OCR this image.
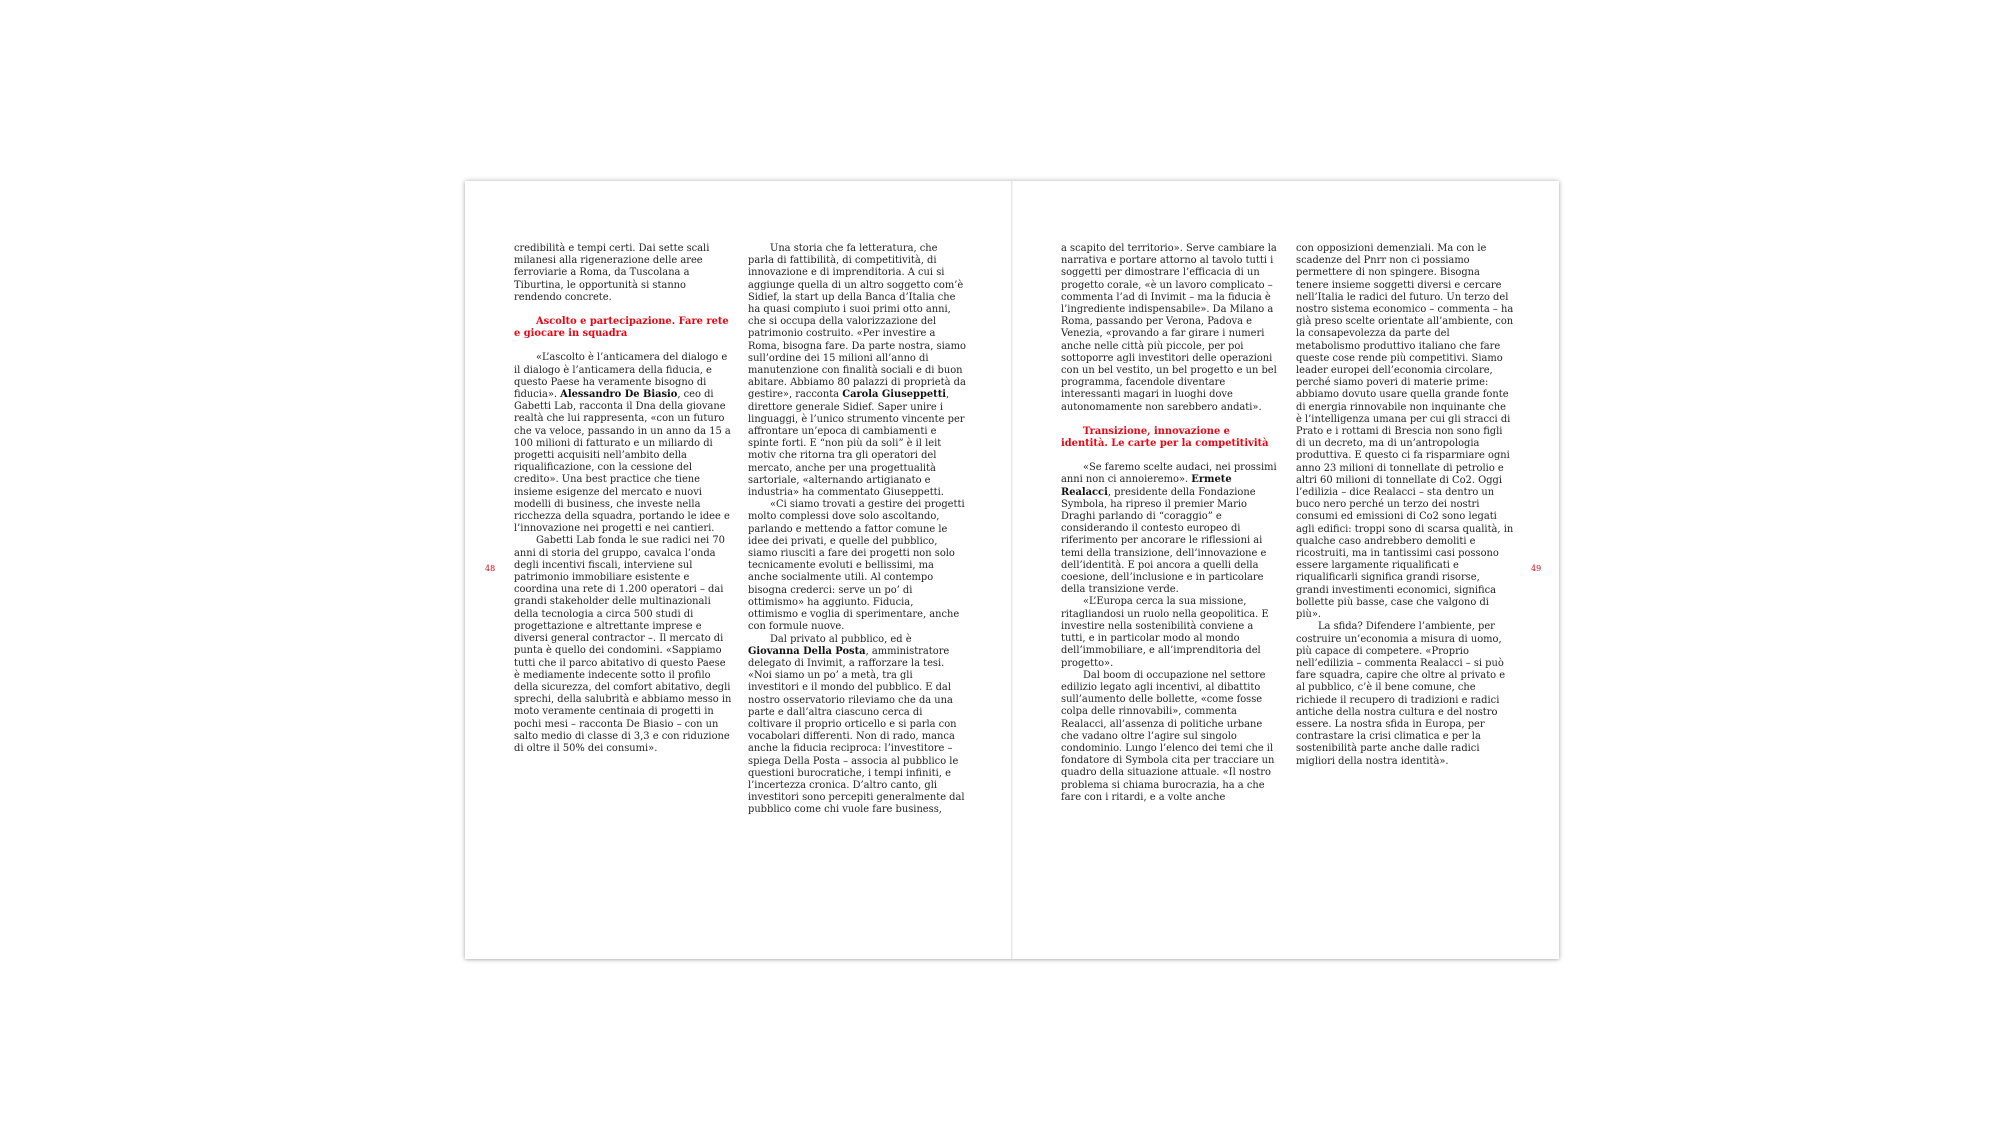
48	49

credibilità e tempi certi. Dai sette scali milanesi alla rigenerazione delle aree ferroviarie a Roma, da Tuscolana a Tiburtina, le opportunità si stanno rendendo concrete.

Ascolto e partecipazione. Fare rete e giocare in squadra

«L’ascolto è l’anticamera del dialogo e il dialogo è l’anticamera della fiducia, e questo Paese ha veramente bisogno di fiducia». Alessandro De Biasio, ceo di Gabetti Lab, racconta il Dna della giovane realtà che lui rappresenta, «con un futuro che va veloce, passando in un anno da 15 a 100 milioni di fatturato e un miliardo di progetti acquisiti nell’ambito della riqualificazione, con la cessione del credito». Una best practice che tiene insieme esigenze del mercato e nuovi modelli di business, che investe nella ricchezza della squadra, portando le idee e l’innovazione nei progetti e nei cantieri.

Gabetti Lab fonda le sue radici nei 70 anni di storia del gruppo, cavalca l’onda degli incentivi fiscali, interviene sul patrimonio immobiliare esistente e coordina una rete di 1.200 operatori – dai grandi stakeholder delle multinazionali della tecnologia a circa 500 studi di progettazione e altrettante imprese e diversi general contractor –. Il mercato di punta è quello dei condomini. «Sappiamo tutti che il parco abitativo di questo Paese è mediamente indecente sotto il profilo della sicurezza, del comfort abitativo, degli sprechi, della salubrità e abbiamo messo in moto veramente centinaia di progetti in pochi mesi – racconta De Biasio – con un salto medio di classe di 3,3 e con riduzione di oltre il 50% dei consumi».

Una storia che fa letteratura, che parla di fattibilità, di competitività, di innovazione e di imprenditoria. A cui si aggiunge quella di un altro soggetto com’è Sidief, la start up della Banca d’Italia che ha quasi compiuto i suoi primi otto anni, che si occupa della valorizzazione del patrimonio costruito. «Per investire a Roma, bisogna fare. Da parte nostra, siamo sull’ordine dei 15 milioni all’anno di manutenzione con finalità sociali e di buon abitare. Abbiamo 80 palazzi di proprietà da gestire», racconta Carola Giuseppetti, direttore generale Sidief. Saper unire i linguaggi, è l’unico strumento vincente per affrontare un’epoca di cambiamenti e spinte forti. E “non più da soli” è il leit motiv che ritorna tra gli operatori del mercato, anche per una progettualità sartoriale, «alternando artigianato e industria» ha commentato Giuseppetti.

«Ci siamo trovati a gestire dei progetti molto complessi dove solo ascoltando, parlando e mettendo a fattor comune le idee dei privati, e quelle del pubblico, siamo riusciti a fare dei progetti non solo tecnicamente evoluti e bellissimi, ma anche socialmente utili. Al contempo bisogna crederci: serve un po’ di ottimismo» ha aggiunto. Fiducia, ottimismo e voglia di sperimentare, anche con formule nuove.

Dal privato al pubblico, ed è Giovanna Della Posta, amministratore delegato di Invimit, a rafforzare la tesi. «Noi siamo un po’ a metà, tra gli investitori e il mondo del pubblico. E dal nostro osservatorio rileviamo che da una parte e dall’altra ciascuno cerca di coltivare il proprio orticello e si parla con vocabolari differenti. Non di rado, manca anche la fiducia reciproca: l’investitore – spiega Della Posta – associa al pubblico le questioni burocratiche, i tempi infiniti, e l’incertezza cronica. D’altro canto, gli investitori sono percepiti generalmente dal pubblico come chi vuole fare business,

a scapito del territorio». Serve cambiare la narrativa e portare attorno al tavolo tutti i soggetti per dimostrare l’efficacia di un progetto corale, «è un lavoro complicato – commenta l’ad di Invimit – ma la fiducia è l’ingrediente indispensabile». Da Milano a Roma, passando per Verona, Padova e Venezia, «provando a far girare i numeri anche nelle città più piccole, per poi sottoporre agli investitori delle operazioni con un bel vestito, un bel progetto e un bel programma, facendole diventare interessanti magari in luoghi dove autonomamente non sarebbero andati».

Transizione, innovazione e identità. Le carte per la competitività

«Se faremo scelte audaci, nei prossimi anni non ci annoieremo». Ermete Realacci, presidente della Fondazione Symbola, ha ripreso il premier Mario Draghi parlando di “coraggio” e considerando il contesto europeo di riferimento per ancorare le riflessioni ai temi della transizione, dell’innovazione e dell’identità. E poi ancora a quelli della coesione, dell’inclusione e in particolare della transizione verde.

«L’Europa cerca la sua missione, ritagliandosi un ruolo nella geopolitica. E investire nella sostenibilità conviene a tutti, e in particolar modo al mondo dell’immobiliare, e all’imprenditoria del progetto».

Dal boom di occupazione nel settore edilizio legato agli incentivi, al dibattito sull’aumento delle bollette, «come fosse colpa delle rinnovabili», commenta Realacci, all’assenza di politiche urbane che vadano oltre l’agire sul singolo condominio. Lungo l’elenco dei temi che il fondatore di Symbola cita per tracciare un quadro della situazione attuale. «Il nostro problema si chiama burocrazia, ha a che fare con i ritardi, e a volte anche

con opposizioni demenziali. Ma con le scadenze del Pnrr non ci possiamo permettere di non spingere. Bisogna tenere insieme soggetti diversi e cercare nell’Italia le radici del futuro. Un terzo del nostro sistema economico – commenta – ha già preso scelte orientate all’ambiente, con la consapevolezza da parte del metabolismo produttivo italiano che fare queste cose rende più competitivi. Siamo leader europei dell’economia circolare, perché siamo poveri di materie prime: abbiamo dovuto usare quella grande fonte di energia rinnovabile non inquinante che è l’intelligenza umana per cui gli stracci di Prato e i rottami di Brescia non sono figli di un decreto, ma di un’antropologia produttiva. E questo ci fa risparmiare ogni anno 23 milioni di tonnellate di petrolio e altri 60 milioni di tonnellate di Co2. Oggi l’edilizia – dice Realacci – sta dentro un buco nero perché un terzo dei nostri consumi ed emissioni di Co2 sono legati agli edifici: troppi sono di scarsa qualità, in qualche caso andrebbero demoliti e ricostruiti, ma in tantissimi casi possono essere largamente riqualificati e riqualificarli significa grandi risorse, grandi investimenti economici, significa bollette più basse, case che valgono di più».

La sfida? Difendere l’ambiente, per costruire un’economia a misura di uomo, più capace di competere. «Proprio nell’edilizia – commenta Realacci – si può fare squadra, capire che oltre al privato e al pubblico, c’è il bene comune, che richiede il recupero di tradizioni e radici antiche della nostra cultura e del nostro essere. La nostra sfida in Europa, per contrastare la crisi climatica e per la sostenibilità parte anche dalle radici migliori della nostra identità».
